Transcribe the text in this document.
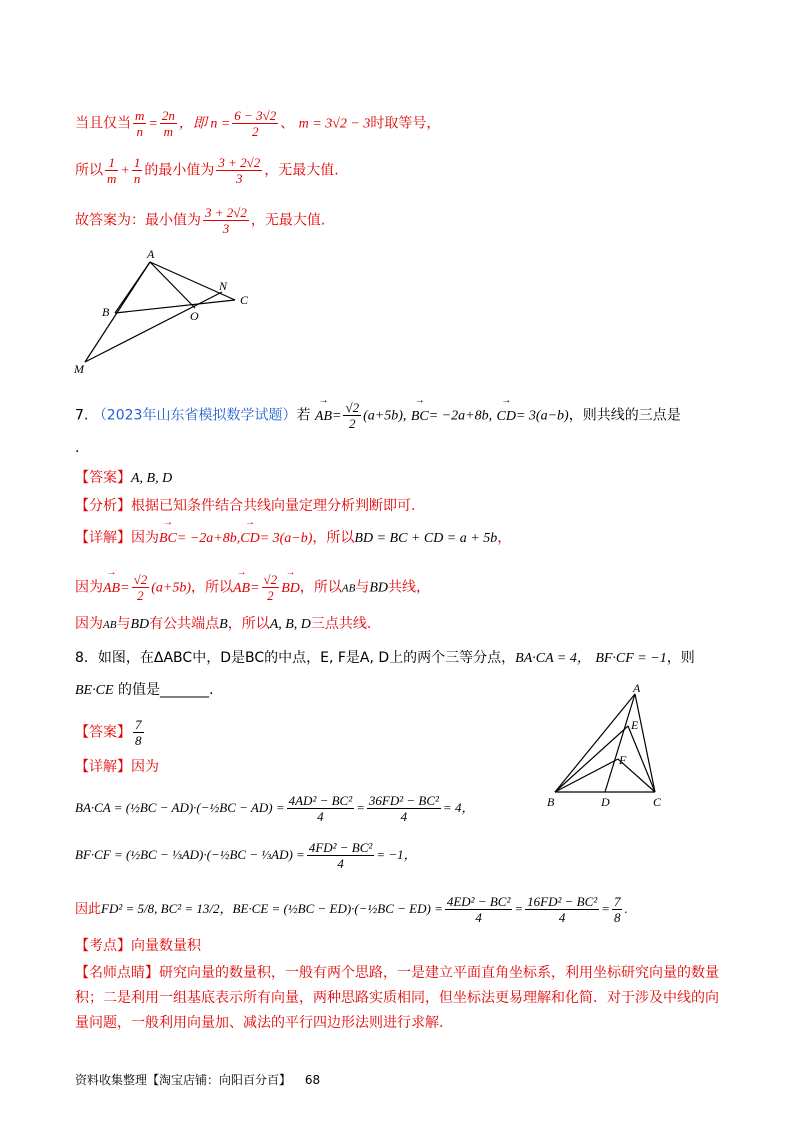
当且仅当 $\frac{m}{n} = \frac{2n}{m}$ ，即 $n = \frac{6 - 3√2}{2}$ 、 m = 3√2 − 3时取等号，
所以 $\frac{1}{m} + \frac{1}{n}$ 的最小值为 $\frac{3 + 2√2}{3}$ ，无最大值.
故答案为：最小值为 $\frac{3 + 2√2}{3}$ ，无最大值.
A
B	O
N
C
M
7. （2023年山东省模拟数学试题）若 → $AB= \frac{√2}{2} (a+5b)$, → BC= −2a+8b, → CD= 3(a−b)，则共线的三点是
.
【答案】A, B, D
【分析】根据已知条件结合共线向量定理分析判断即可.
【详解】因为→ BC= −2a+8b,→ CD= 3(a−b)，所以BD = BC + CD = a + 5b，
因为→ $AB= \frac{√2}{2} (a+5b)$，所以→ $AB= \frac{√2}{2}$ → BD，所以AB与BD共线，
因为AB与BD有公共端点B，所以A, B, D三点共线.
8．如图，在ΔABC中，D是BC的中点，E, F是A, D上的两个三等分点，BA·CA = 4， BF·CF = −1，则
BE·CE 的值是_______.
【答案】 $\frac{7}{8}$
【详解】因为
BA·CA = (½BC − AD)·(−½BC − $AD) = \frac{\text{4AD² − BC²}}{4} = \frac{\text{36FD² − BC²}}{4} = 4$，
BF·CF = (½BC − ⅓AD)·(−½BC − ⅓AD) = $\frac{\text{4FD² − BC²}}{4} = -1$，
因此FD² = 5/8, BC² = 13/2，BE·CE = (½BC − ED)·(−½BC − $ED) = \frac{\text{4ED² − BC²}}{4} = \frac{\text{16FD² − BC²}}{4} = \frac{7}{8}$ .
【考点】向量数量积
【名师点睛】研究向量的数量积，一般有两个思路，一是建立平面直角坐标系，利用坐标研究向量的数量
积；二是利用一组基底表示所有向量，两种思路实质相同，但坐标法更易理解和化简．对于涉及中线的向
量问题，一般利用向量加、减法的平行四边形法则进行求解.
A
E
F
B	D	C
资料收集整理【淘宝店铺：向阳百分百】 68
